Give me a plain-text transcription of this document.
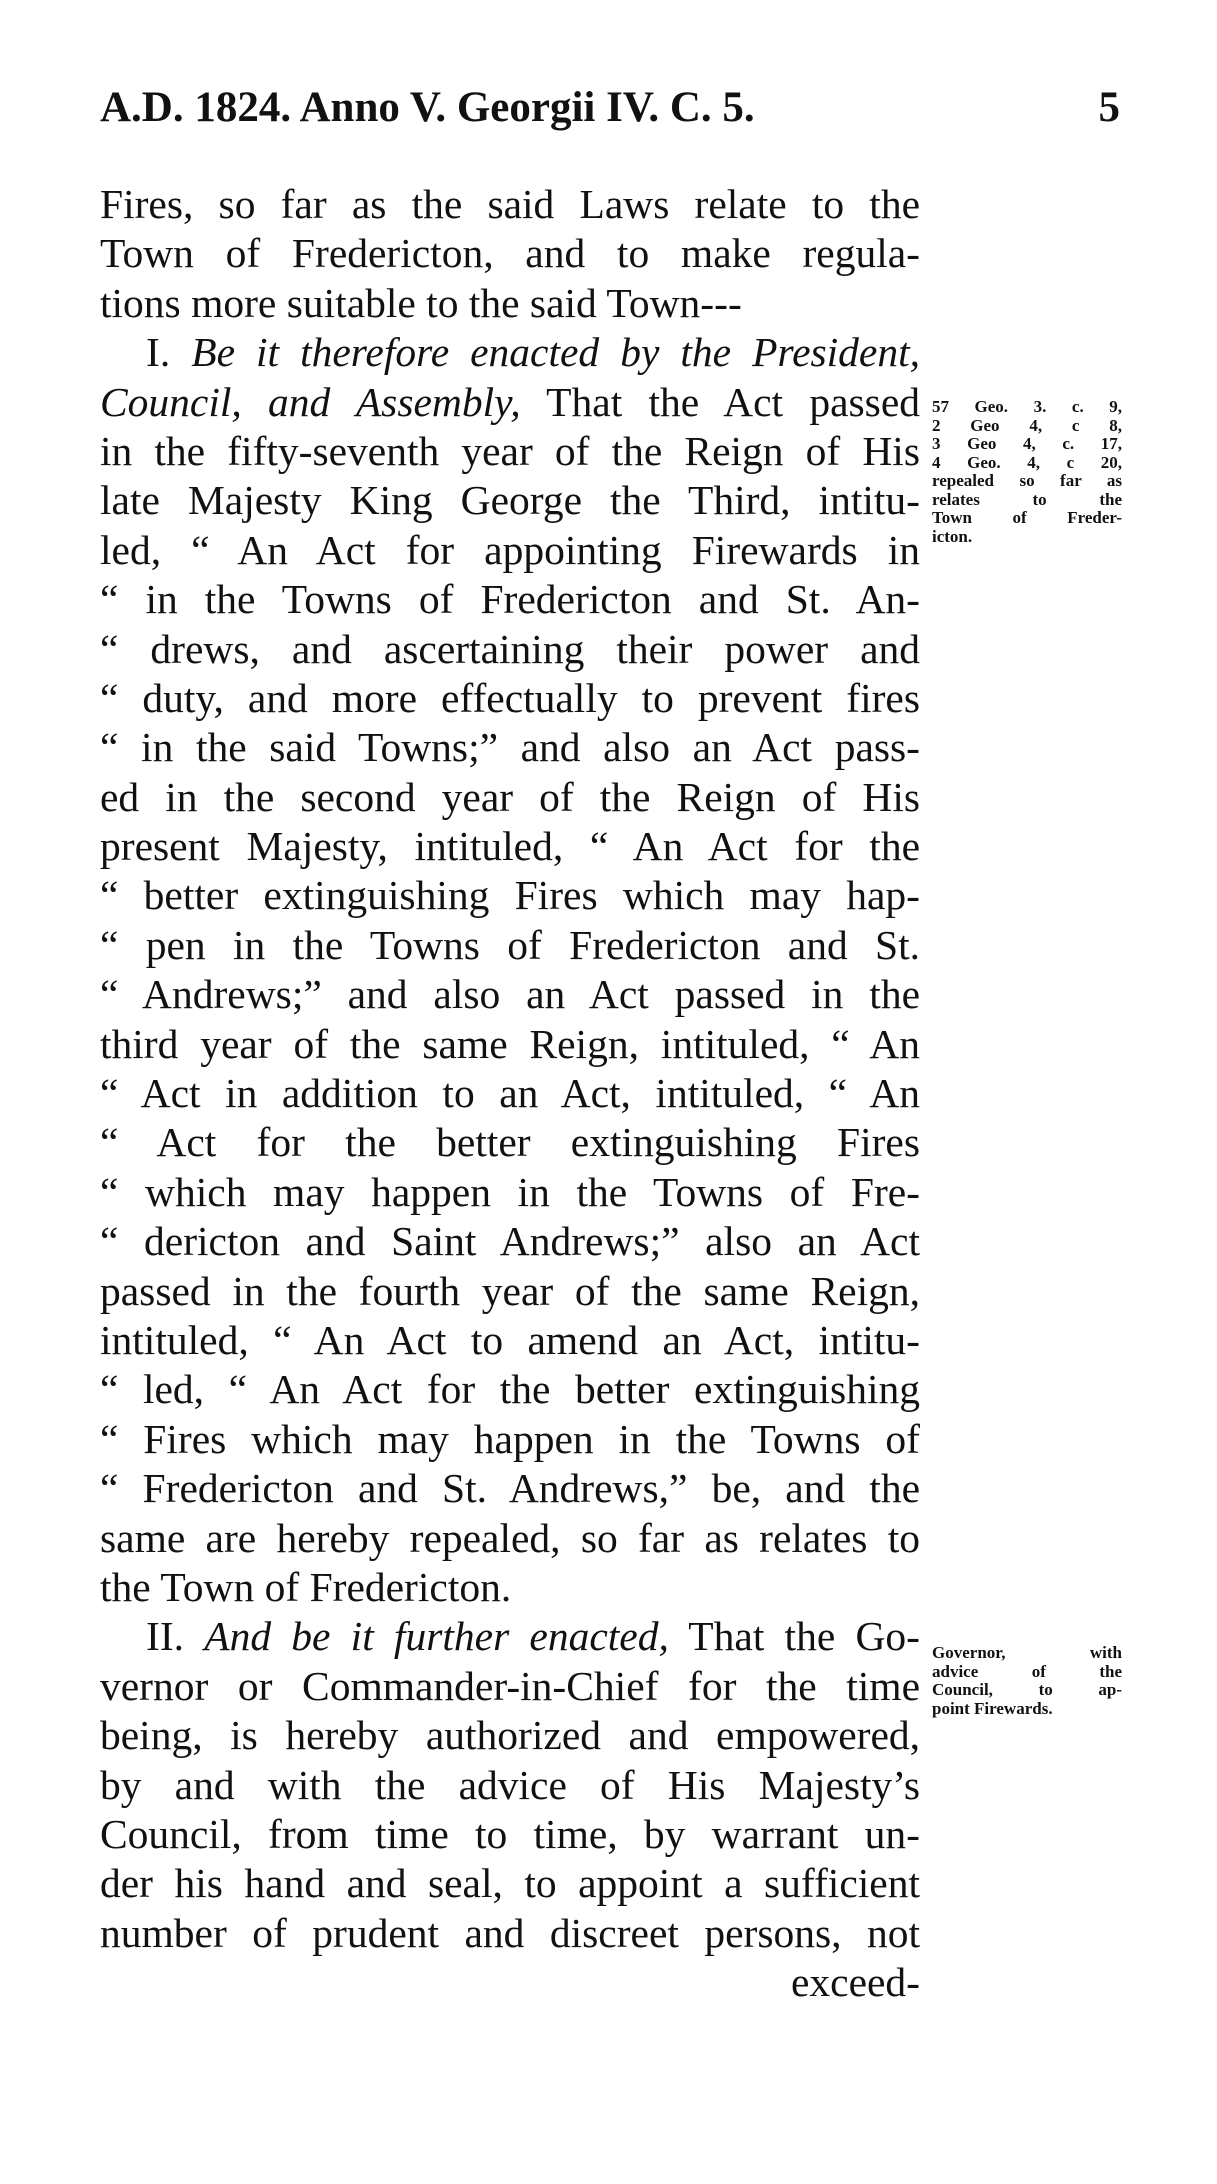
A.D. 1824. Anno V. Georgii IV. C. 5.	5
Fires, so far as the said Laws relate to the
Town of Fredericton, and to make regula-
tions more suitable to the said Town---
I. Be it therefore enacted by the President,
Council, and Assembly, That the Act passed
in the fifty-seventh year of the Reign of His
late Majesty King George the Third, intitu-
led, “ An Act for appointing Firewards in
“ in the Towns of Fredericton and St. An-
“ drews, and ascertaining their power and
“ duty, and more effectually to prevent fires
“ in the said Towns;” and also an Act pass-
ed in the second year of the Reign of His
present Majesty, intituled, “ An Act for the
“ better extinguishing Fires which may hap-
“ pen in the Towns of Fredericton and St.
“ Andrews;” and also an Act passed in the
third year of the same Reign, intituled, “ An
“ Act in addition to an Act, intituled, “ An
“ Act for the better extinguishing Fires
“ which may happen in the Towns of Fre-
“ dericton and Saint Andrews;” also an Act
passed in the fourth year of the same Reign,
intituled, “ An Act to amend an Act, intitu-
“ led, “ An Act for the better extinguishing
“ Fires which may happen in the Towns of
“ Fredericton and St. Andrews,” be, and the
same are hereby repealed, so far as relates to
the Town of Fredericton.
II. And be it further enacted, That the Go-
vernor or Commander-in-Chief for the time
being, is hereby authorized and empowered,
by and with the advice of His Majesty’s
Council, from time to time, by warrant un-
der his hand and seal, to appoint a sufficient
number of prudent and discreet persons, not
exceed-
57 Geo. 3. c. 9,
2 Geo 4, c 8,
3 Geo 4, c. 17,
4 Geo. 4, c 20,
repealed so far as
relates to the
Town of Freder-
icton.
Governor, with
advice of the
Council, to ap-
point Firewards.
